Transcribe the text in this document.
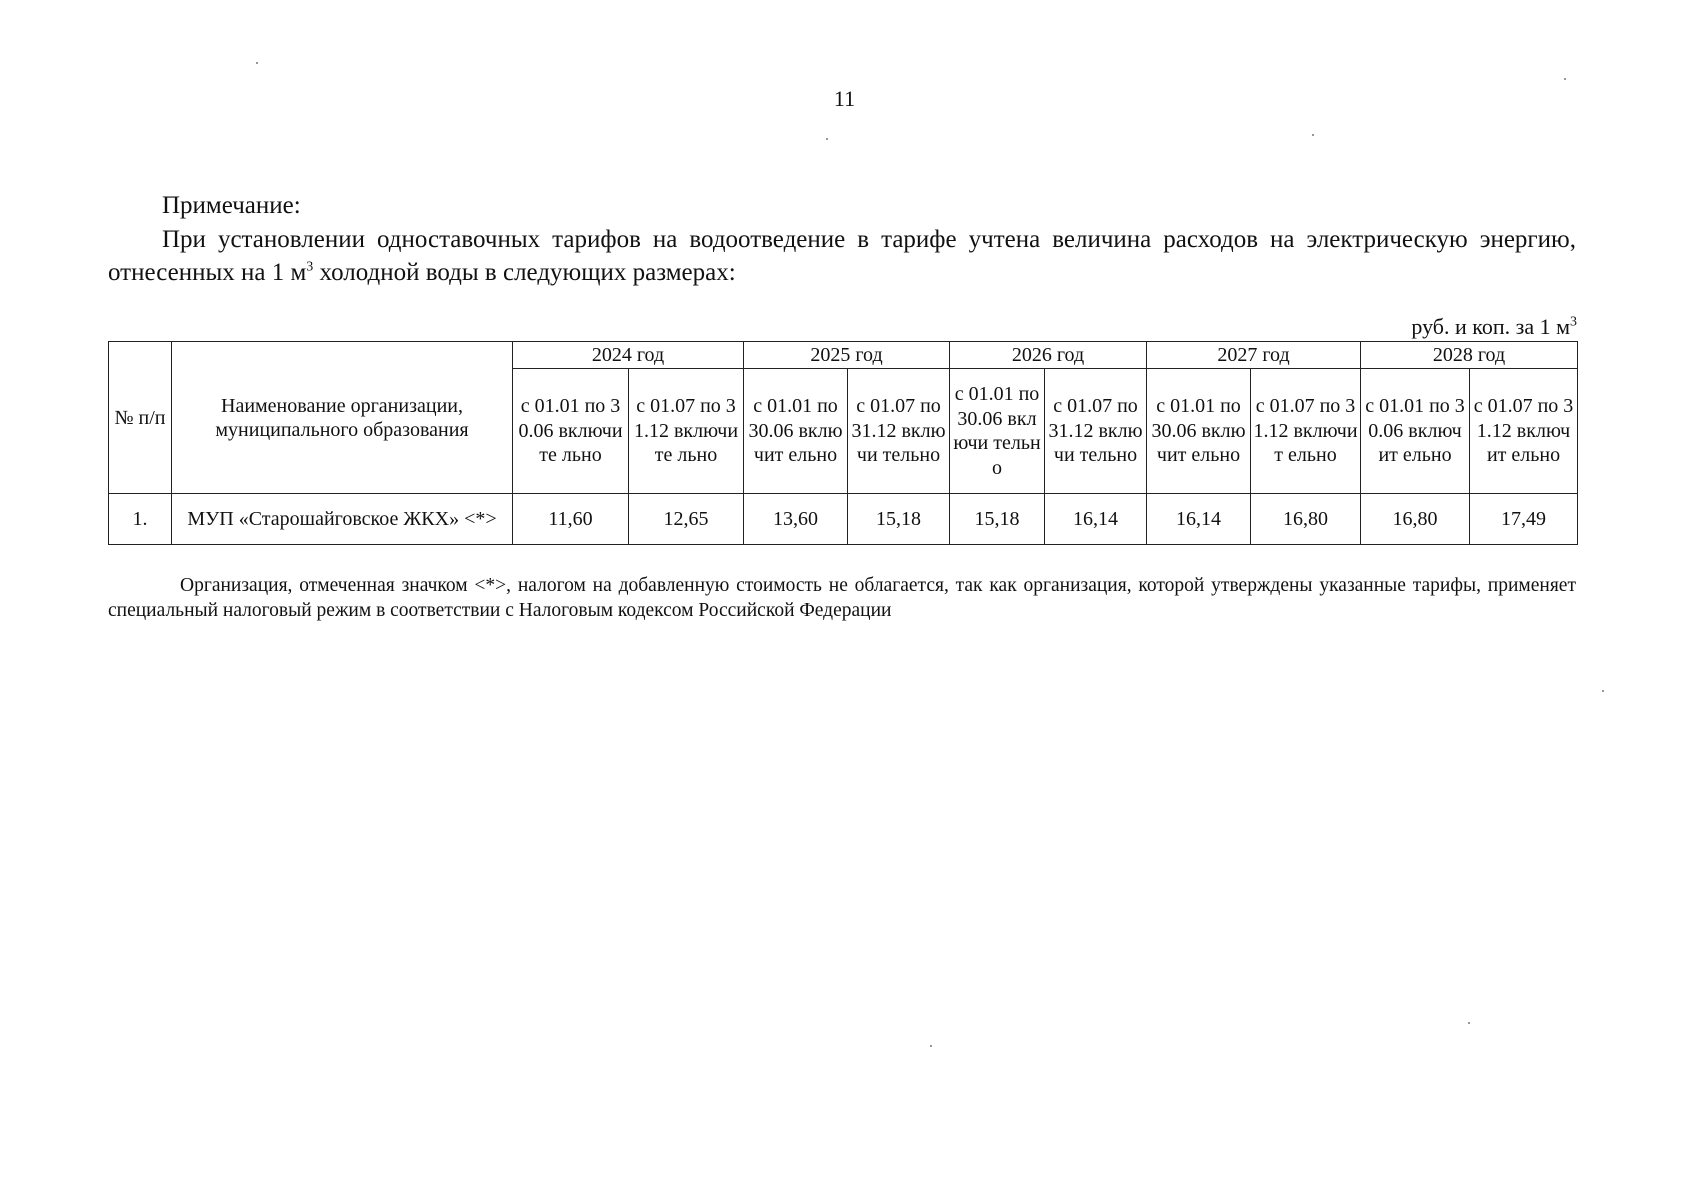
11
Примечание:
При установлении одноставочных тарифов на водоотведение в тарифе учтена величина расходов на электрическую энергию, отнесенных на 1 $м^3$ холодной воды в следующих размерах:
руб. и коп. за 1 $м^3$
№ п/п	Наименование организации, муниципального образования	2024 год		2025 год		2026 год		2027 год		2028 год	
		с 01.01 по 30.06 включите льно	с 01.07 по 31.12 включите льно	с 01.01 по 30.06 включит ельно	с 01.07 по 31.12 включи тельно	с 01.01 по 30.06 включи тельно	с 01.07 по 31.12 включи тельно	с 01.01 по 30.06 включит ельно	с 01.07 по 31.12 включит ельно	с 01.01 по 30.06 включит ельно	с 01.07 по 31.12 включит ельно
1.	МУП «Старошайговское ЖКХ» <*>	11,60	12,65	13,60	15,18	15,18	16,14	16,14	16,80	16,80	17,49
Организация, отмеченная значком <*>, налогом на добавленную стоимость не облагается, так как организация, которой утверждены указанные тарифы, применяет специальный налоговый режим в соответствии с Налоговым кодексом Российской Федерации
